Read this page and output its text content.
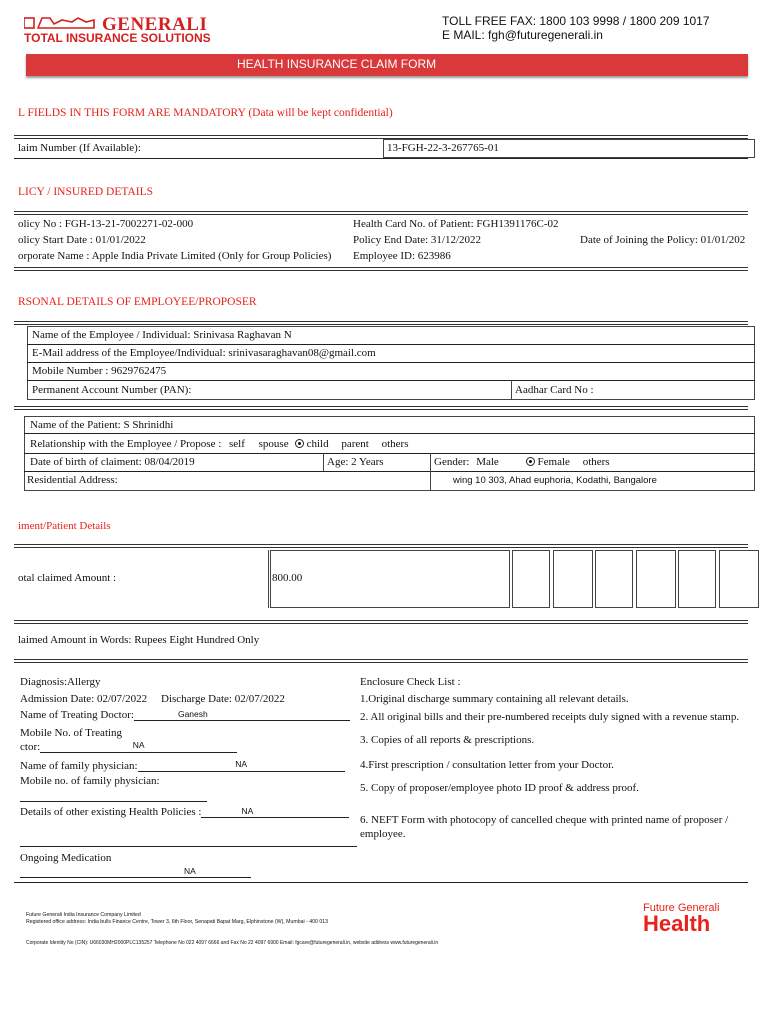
GENERALI
TOTAL INSURANCE SOLUTIONS
TOLL FREE FAX: 1800 103 9998 / 1800 209 1017
E MAIL: fgh@futuregenerali.in
HEALTH INSURANCE CLAIM FORM
L FIELDS IN THIS FORM ARE MANDATORY (Data will be kept confidential)
laim Number (If Available):	13-FGH-22-3-267765-01
LICY / INSURED DETAILS
olicy No : FGH-13-21-7002271-02-000	Health Card No. of Patient: FGH1391176C-02
olicy Start Date : 01/01/2022	Policy End Date: 31/12/2022	Date of Joining the Policy: 01/01/202
orporate Name : Apple India Private Limited (Only for Group Policies) Employee ID: 623986
RSONAL DETAILS OF EMPLOYEE/PROPOSER
Name of the Employee / Individual: Srinivasa Raghavan N
E-Mail address of the Employee/Individual: srinivasaraghavan08@gmail.com
Mobile Number : 9629762475
Permanent Account Number (PAN):	Aadhar Card No :
Name of the Patient: S Shrinidhi
Relationship with the Employee / Propose : self spouse child parent others
Date of birth of claiment: 08/04/2019	Age: 2 Years	Gender: Male	Female others
Residential Address:	wing 10 303, Ahad euphoria, Kodathi, Bangalore
iment/Patient Details
otal claimed Amount :	800.00
laimed Amount in Words: Rupees Eight Hundred Only
Diagnosis:Allergy
Admission Date: 02/07/2022 Discharge Date: 02/07/2022
Name of Treating Doctor:	Ganesh
Mobile No. of Treating
ctor:	NA
Name of family physician:	NA
Mobile no. of family physician:
Details of other existing Health Policies :	NA
Ongoing Medication
NA
Enclosure Check List :
1.Original discharge summary containing all relevant details.
2. All original bills and their pre-numbered receipts duly signed with a revenue stamp.
3. Copies of all reports & prescriptions.
4.First prescription / consultation letter from your Doctor.
5. Copy of proposer/employee photo ID proof & address proof.
6. NEFT Form with photocopy of cancelled cheque with printed name of proposer /
employee.
Future Generali India Insurance Company Limited
Registered office address: India bulls Finance Centre, Tower 3, 6th Floor, Senapati Bapat Marg, Elphinstone (W), Mumbai - 400 013
Corporate Identity No (CIN): U66030MH2000PLC135257 Telephone No 022 4097 6666 and Fax No 22 4097 6900 Email: fgcare@futuregenerali.in, website address www.futuregenerali.in
Future Generali
Health
